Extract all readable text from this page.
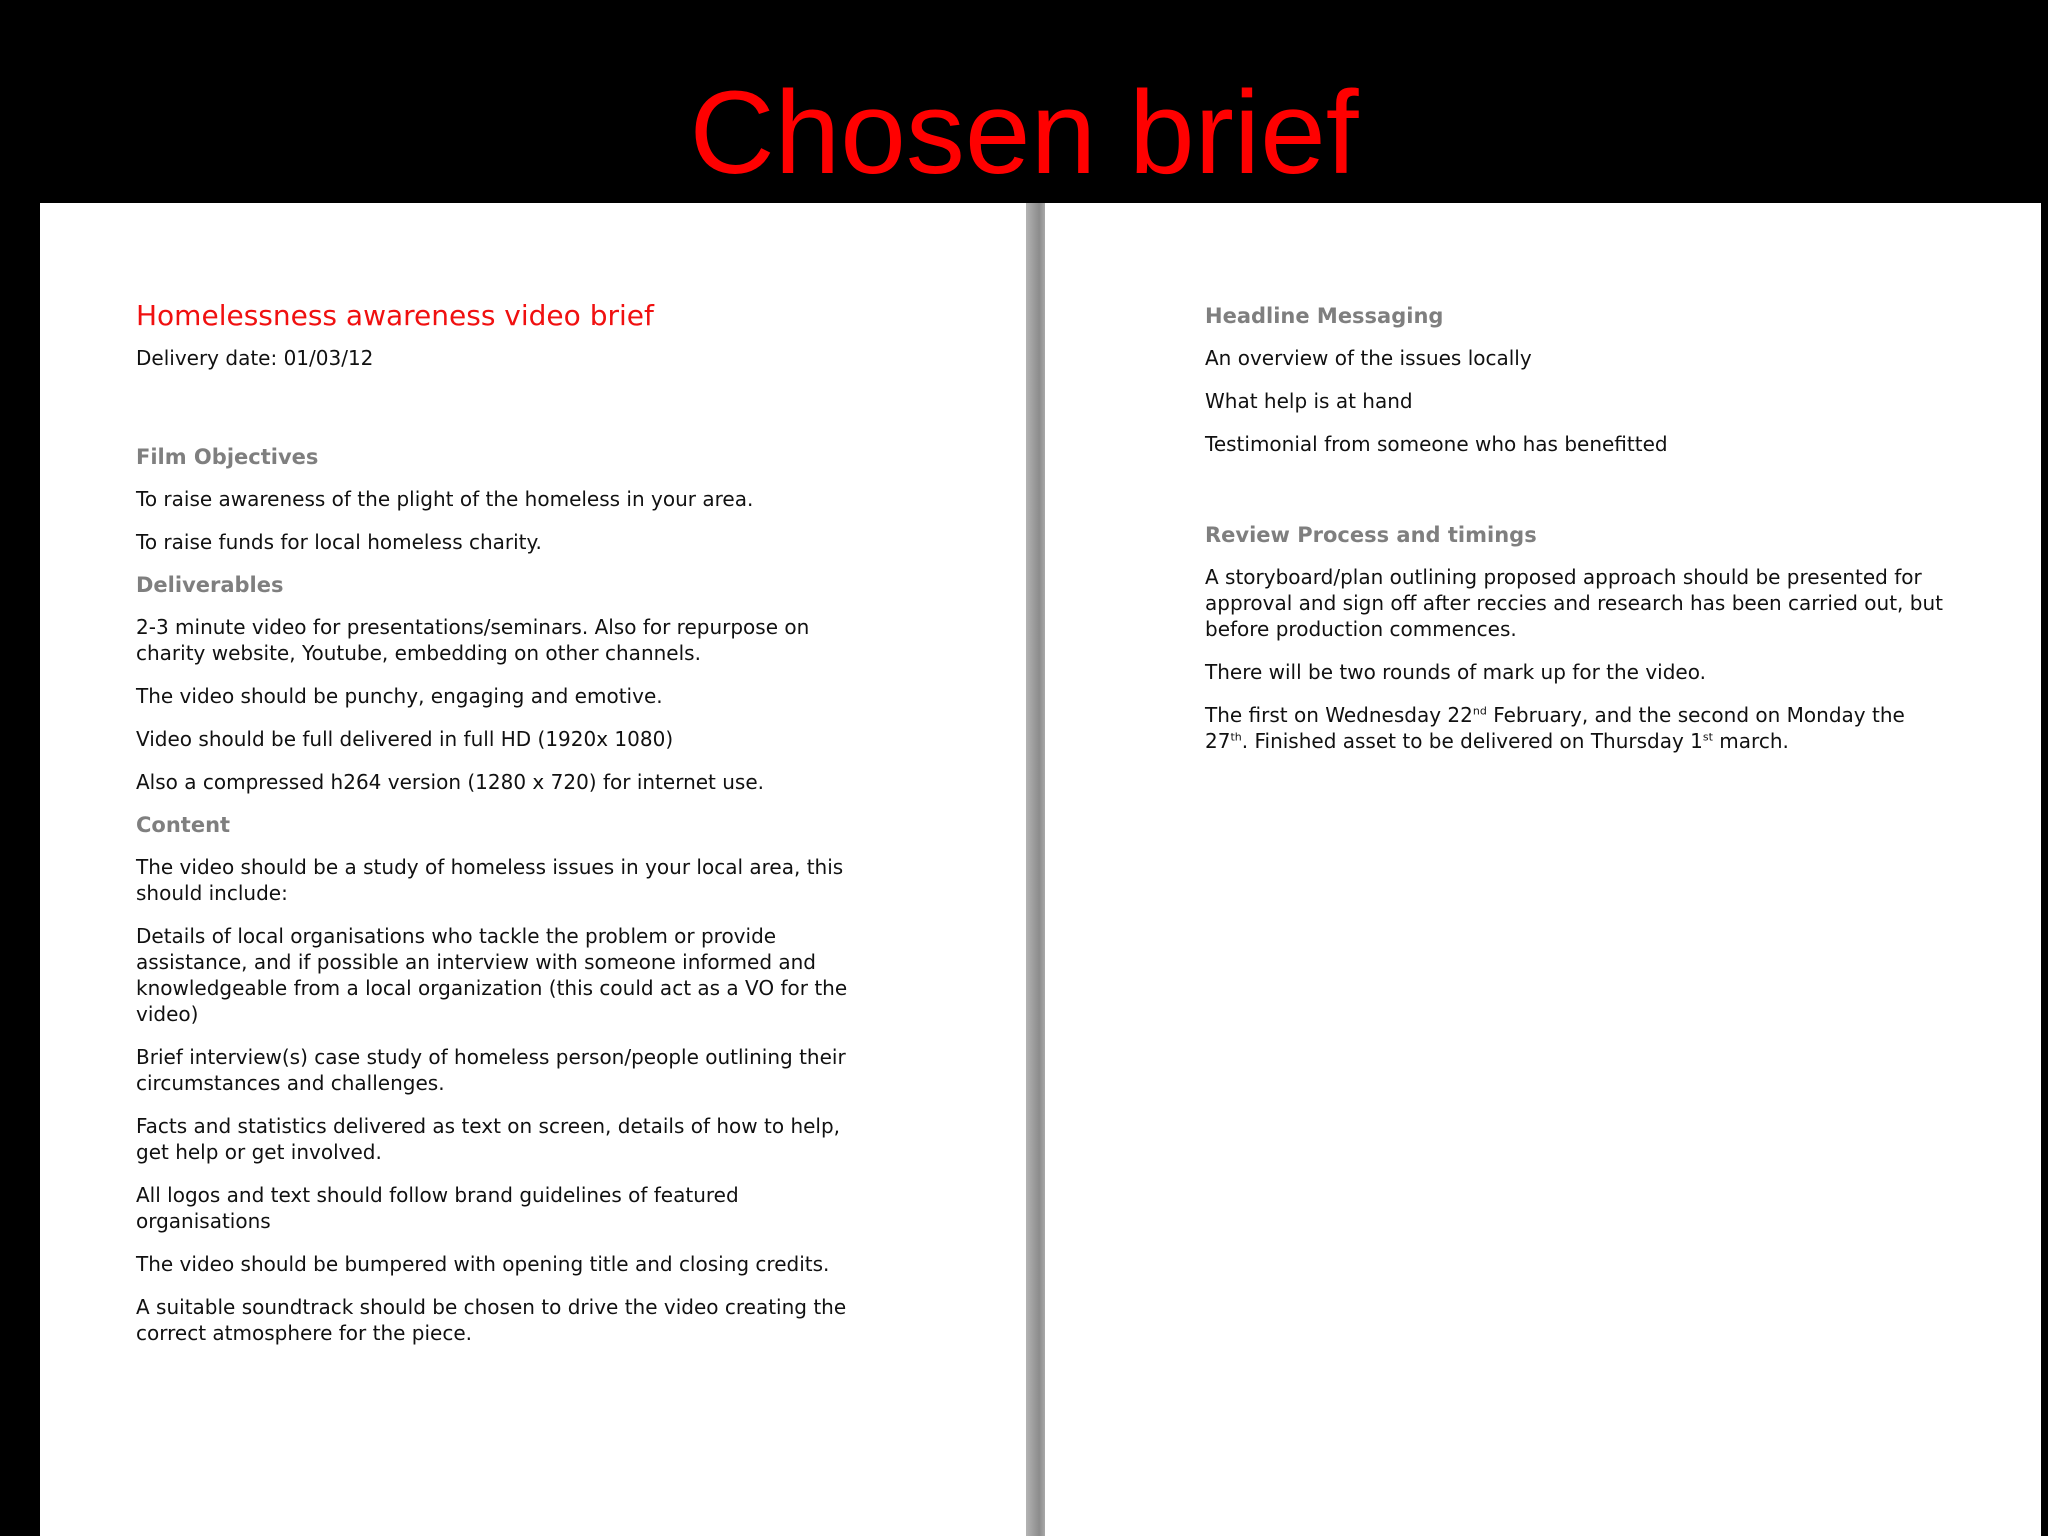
Chosen brief
Homelessness awareness video brief

Delivery date: 01/03/12

Film Objectives

To raise awareness of the plight of the homeless in your area.

To raise funds for local homeless charity.

Deliverables

2-3 minute video for presentations/seminars. Also for repurpose on charity website, Youtube, embedding on other channels.

The video should be punchy, engaging and emotive.

Video should be full delivered in full HD (1920x 1080)

Also a compressed h264 version (1280 x 720) for internet use.

Content

The video should be a study of homeless issues in your local area, this should include:

Details of local organisations who tackle the problem or provide assistance, and if possible an interview with someone informed and knowledgeable from a local organization (this could act as a VO for the video)

Brief interview(s) case study of homeless person/people outlining their circumstances and challenges.

Facts and statistics delivered as text on screen, details of how to help, get help or get involved.

All logos and text should follow brand guidelines of featured organisations

The video should be bumpered with opening title and closing credits.

A suitable soundtrack should be chosen to drive the video creating the correct atmosphere for the piece.

Headline Messaging

An overview of the issues locally

What help is at hand

Testimonial from someone who has benefitted

Review Process and timings

A storyboard/plan outlining proposed approach should be presented for approval and sign off after reccies and research has been carried out, but before production commences.

There will be two rounds of mark up for the video.

The first on Wednesday 22nd February, and the second on Monday the 27th. Finished asset to be delivered on Thursday 1st march.
